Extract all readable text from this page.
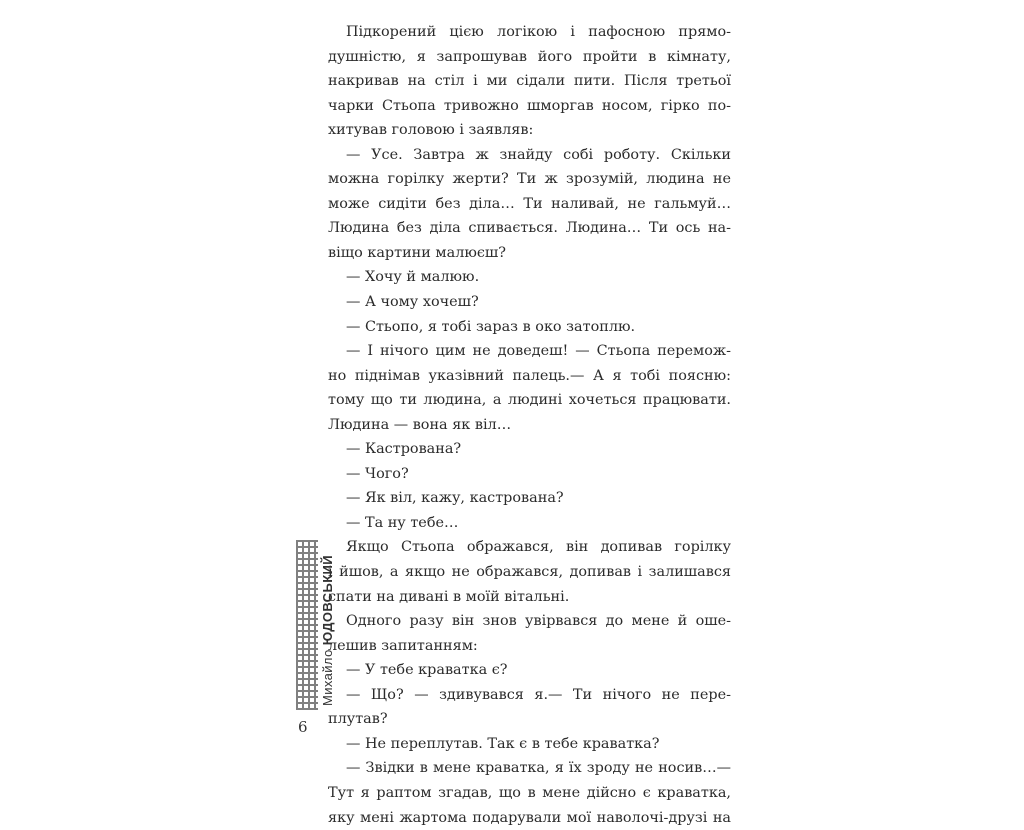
Підкорений цією логікою і пафосною прямо-
душністю, я запрошував його пройти в кімнату,
накривав на стіл і ми сідали пити. Після третьої
чарки Стьопа тривожно шморгав носом, гірко по-
хитував головою і заявляв:
— Усе. Завтра ж знайду собі роботу. Скільки
можна горілку жерти? Ти ж зрозумій, людина не
може сидіти без діла… Ти наливай, не гальмуй…
Людина без діла спивається. Людина… Ти ось на-
віщо картини малюєш?
— Хочу й малюю.
— А чому хочеш?
— Стьопо, я тобі зараз в око затоплю.
— І нічого цим не доведеш! — Стьопа перемож-
но піднімав указівний палець.— А я тобі поясню:
тому що ти людина, а людині хочеться працювати.
Людина — вона як віл…
— Кастрована?
— Чого?
— Як віл, кажу, кастрована?
— Та ну тебе…
Якщо Стьопа ображався, він допивав горілку
і йшов, а якщо не ображався, допивав і залишався
спати на дивані в моїй вітальні.
Одного разу він знов увірвався до мене й оше-
лешив запитанням:
— У тебе краватка є?
— Що? — здивувався я.— Ти нічого не пере-
плутав?
— Не переплутав. Так є в тебе краватка?
— Звідки в мене краватка, я їх зроду не носив…—
Тут я раптом згадав, що в мене дійсно є краватка,
яку мені жартома подарували мої наволочі-друзі на
Михайло ЮДОВСЬКИЙ
6
